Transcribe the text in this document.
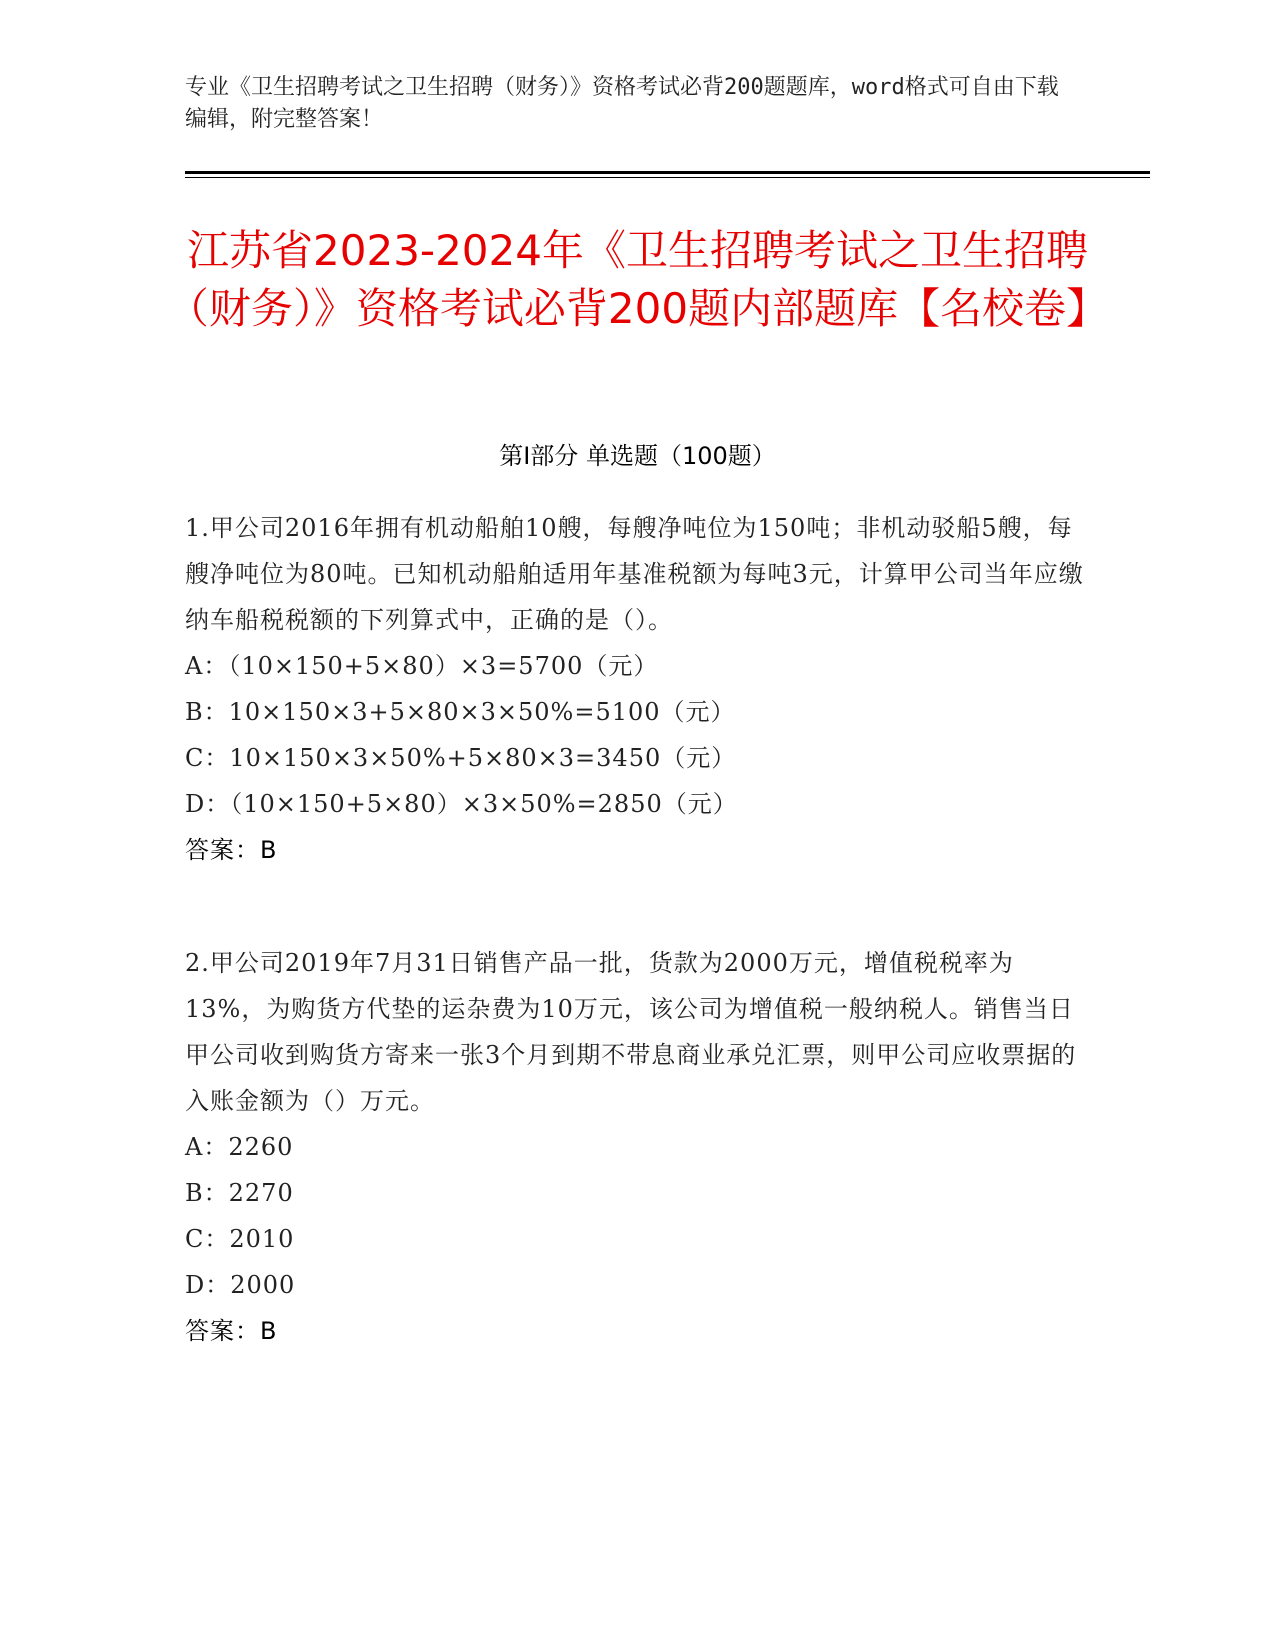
专业《卫生招聘考试之卫生招聘（财务）》资格考试必背200题题库，word格式可自由下载编辑，附完整答案！
江苏省2023-2024年《卫生招聘考试之卫生招聘（财务）》资格考试必背200题内部题库【名校卷】
第Ⅰ部分 单选题（100题）

1.甲公司2016年拥有机动船舶10艘，每艘净吨位为150吨；非机动驳船5艘，每艘净吨位为80吨。已知机动船舶适用年基准税额为每吨3元，计算甲公司当年应缴纳车船税税额的下列算式中，正确的是（）。

A：（10×150+5×80）×3=5700（元）

B：10×150×3+5×80×3×50%=5100（元）

C：10×150×3×50%+5×80×3=3450（元）

D：（10×150+5×80）×3×50%=2850（元）

答案：B

2.甲公司2019年7月31日销售产品一批，货款为2000万元，增值税税率为13%，为购货方代垫的运杂费为10万元，该公司为增值税一般纳税人。销售当日甲公司收到购货方寄来一张3个月到期不带息商业承兑汇票，则甲公司应收票据的入账金额为（）万元。

A：2260

B：2270

C：2010

D：2000

答案：B
